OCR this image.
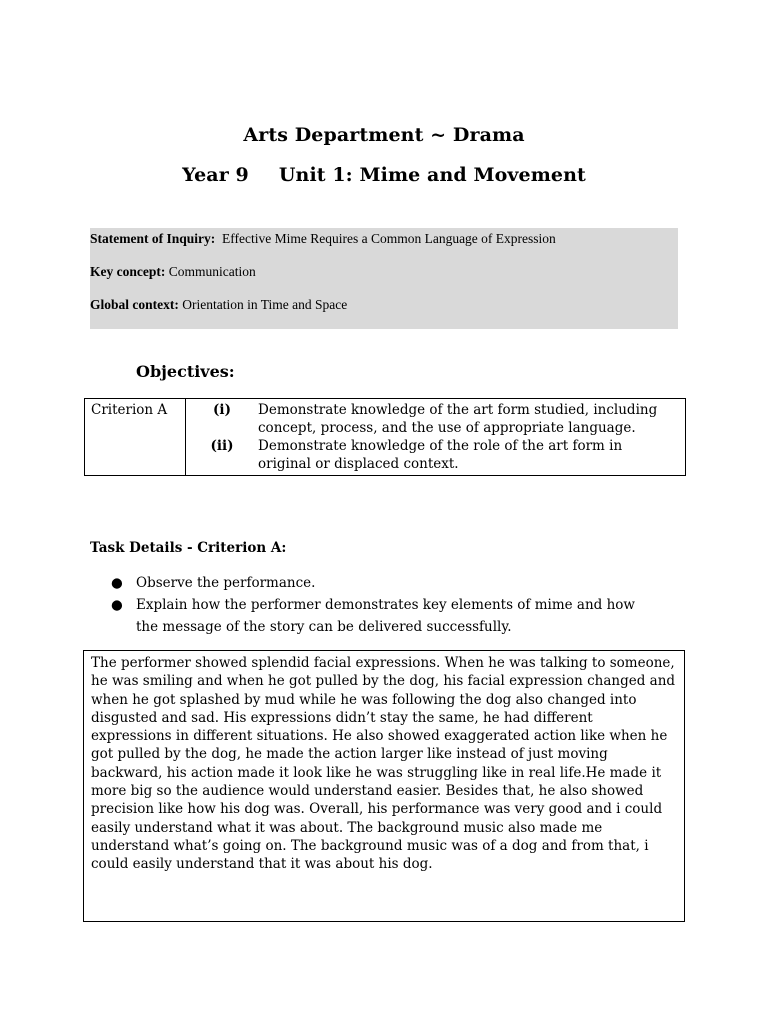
Arts Department ~ Drama
Year 9 Unit 1: Mime and Movement
Statement of Inquiry: Effective Mime Requires a Common Language of Expression
Key concept: Communication
Global context: Orientation in Time and Space
Objectives:
Criterion A	(i)	Demonstrate knowledge of the art form studied, including concept, process, and the use of appropriate language.
(ii)	Demonstrate knowledge of the role of the art form in original or displaced context.
Task Details - Criterion A:
● Observe the performance.
● Explain how the performer demonstrates key elements of mime and how the message of the story can be delivered successfully.
The performer showed splendid facial expressions. When he was talking to someone, he was smiling and when he got pulled by the dog, his facial expression changed and when he got splashed by mud while he was following the dog also changed into disgusted and sad. His expressions didn’t stay the same, he had different expressions in different situations. He also showed exaggerated action like when he got pulled by the dog, he made the action larger like instead of just moving backward, his action made it look like he was struggling like in real life.He made it more big so the audience would understand easier. Besides that, he also showed precision like how his dog was. Overall, his performance was very good and i could easily understand what it was about. The background music also made me understand what’s going on. The background music was of a dog and from that, i could easily understand that it was about his dog.
